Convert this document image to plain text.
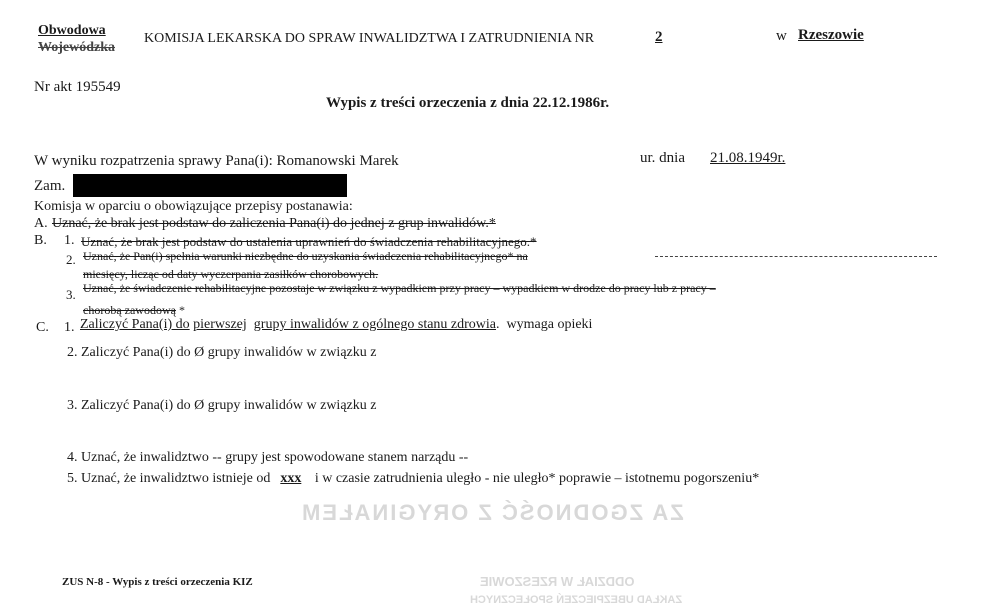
ZA ZGODNOŚĆ Z ORYGINAŁEM
ODDZIAŁ W RZESZOWIE
ZAKŁAD UBEZPIECZEŃ SPOŁECZNYCH
Obwodowa
Wojewódzka
KOMISJA LEKARSKA DO SPRAW INWALIDZTWA I ZATRUDNIENIA NR	2	w Rzeszowie
Nr akt 195549
Wypis z treści orzeczenia z dnia 22.12.1986r.
W wyniku rozpatrzenia sprawy Pana(i): Romanowski Marek	ur. dnia 21.08.1949r.
Zam.
Komisja w oparciu o obowiązujące przepisy postanawia:
A. Uznać, że brak jest podstaw do zaliczenia Pana(i) do jednej z grup inwalidów.*
B. 1. Uznać, że brak jest podstaw do ustalenia uprawnień do świadczenia rehabilitacyjnego.*
2. Uznać, że Pan(i) spełnia warunki niezbędne do uzyskania świadczenia rehabilitacyjnego* na
miesięcy, licząc od daty wyczerpania zasiłków chorobowych.
3. Uznać, że świadczenie rehabilitacyjne pozostaje w związku z wypadkiem przy pracy – wypadkiem w drodze do pracy lub z pracy –
chorobą zawodową *
C. 1. Zaliczyć Pana(i) do pierwszej grupy inwalidów z ogólnego stanu zdrowia.  wymaga opieki
2. Zaliczyć Pana(i) do Ø grupy inwalidów w związku z
3. Zaliczyć Pana(i) do Ø grupy inwalidów w związku z
4. Uznać, że inwalidztwo -- grupy jest spowodowane stanem narządu --
5. Uznać, że inwalidztwo istnieje od xxx i w czasie zatrudnienia uległo - nie uległo* poprawie – istotnemu pogorszeniu*
ZUS N-8 - Wypis z treści orzeczenia KIZ
